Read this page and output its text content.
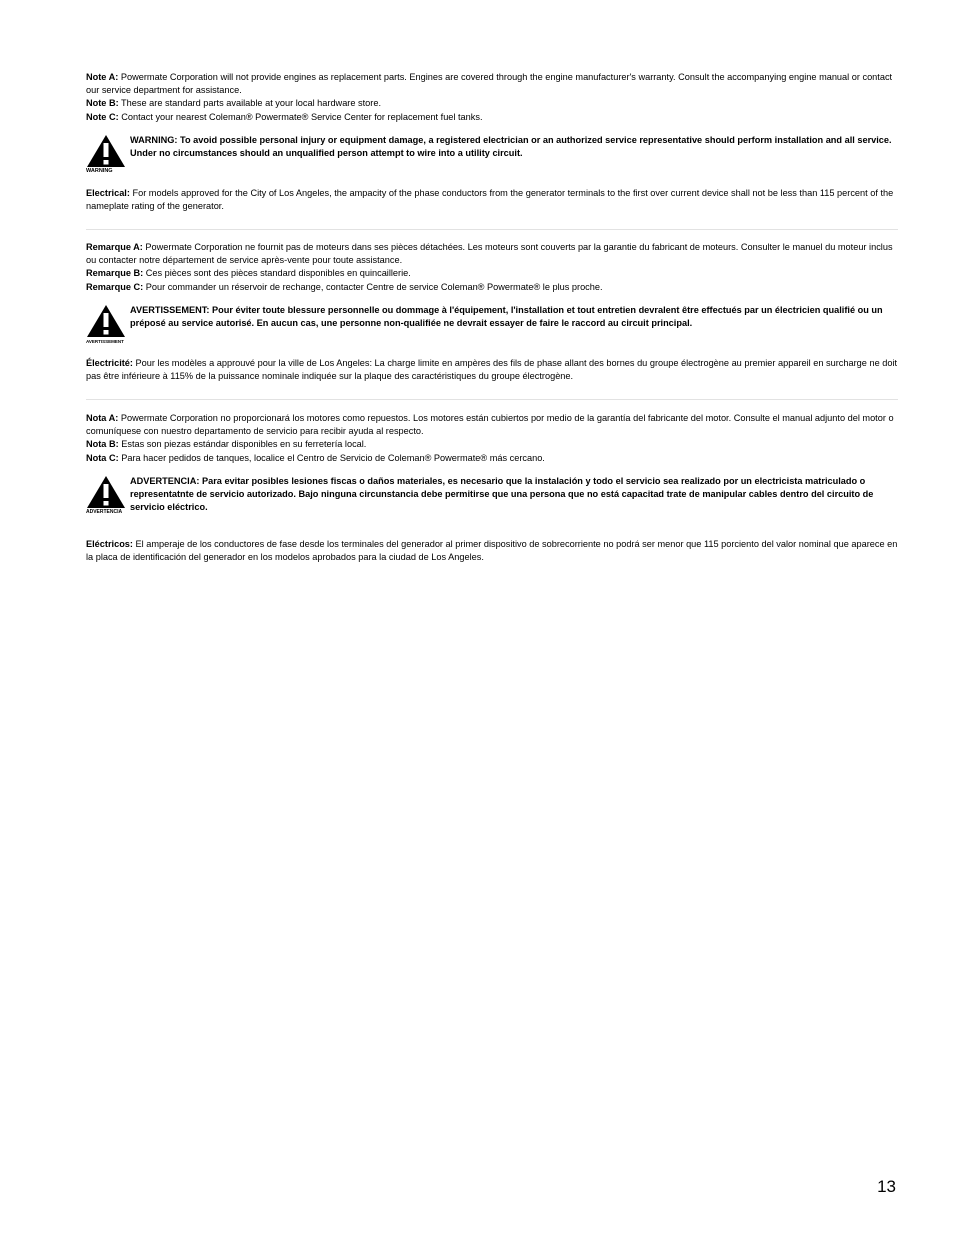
Note A: Powermate Corporation will not provide engines as replacement parts. Engines are covered through the engine manufacturer's warranty. Consult the accompanying engine manual or contact our service department for assistance.

Note B: These are standard parts available at your local hardware store.

Note C: Contact your nearest Coleman® Powermate® Service Center for replacement fuel tanks.

WARNING
WARNING: To avoid possible personal injury or equipment damage, a registered electrician or an authorized service representative should perform installation and all service. Under no circumstances should an unqualified person attempt to wire into a utility circuit.

Electrical: For models approved for the City of Los Angeles, the ampacity of the phase conductors from the generator terminals to the first over current device shall not be less than 115 percent of the nameplate rating of the generator.

Remarque A: Powermate Corporation ne fournit pas de moteurs dans ses pièces détachées. Les moteurs sont couverts par la garantie du fabricant de moteurs. Consulter le manuel du moteur inclus ou contacter notre département de service après-vente pour toute assistance.

Remarque B: Ces pièces sont des pièces standard disponibles en quincaillerie.

Remarque C: Pour commander un réservoir de rechange, contacter Centre de service Coleman® Powermate® le plus proche.

AVERTISSEMENT
AVERTISSEMENT: Pour éviter toute blessure personnelle ou dommage à l'équipement, l'installation et tout entretien devralent être effectués par un électricien qualifié ou un préposé au service autorisé. En aucun cas, une personne non-qualifiée ne devrait essayer de faire le raccord au circuit principal.

Électricité: Pour les modèles a approuvé pour la ville de Los Angeles: La charge limite en ampères des fils de phase allant des bornes du groupe électrogène au premier appareil en surcharge ne doit pas être inférieure à 115% de la puissance nominale indiquée sur la plaque des caractéristiques du groupe électrogène.

Nota A: Powermate Corporation no proporcionará los motores como repuestos. Los motores están cubiertos por medio de la garantía del fabricante del motor. Consulte el manual adjunto del motor o comuníquese con nuestro departamento de servicio para recibir ayuda al respecto.

Nota B: Estas son piezas estándar disponibles en su ferretería local.

Nota C: Para hacer pedidos de tanques, localice el Centro de Servicio de Coleman® Powermate® más cercano.

ADVERTENCIA
ADVERTENCIA: Para evitar posibles lesiones fiscas o daños materiales, es necesario que la instalación y todo el servicio sea realizado por un electricista matriculado o representatnte de servicio autorizado. Bajo ninguna circunstancia debe permitirse que una persona que no está capacitad trate de manipular cables dentro del circuito de servicio eléctrico.

Eléctricos: El amperaje de los conductores de fase desde los terminales del generador al primer dispositivo de sobrecorriente no podrá ser menor que 115 porciento del valor nominal que aparece en la placa de identificación del generador en los modelos aprobados para la ciudad de Los Angeles.

13
